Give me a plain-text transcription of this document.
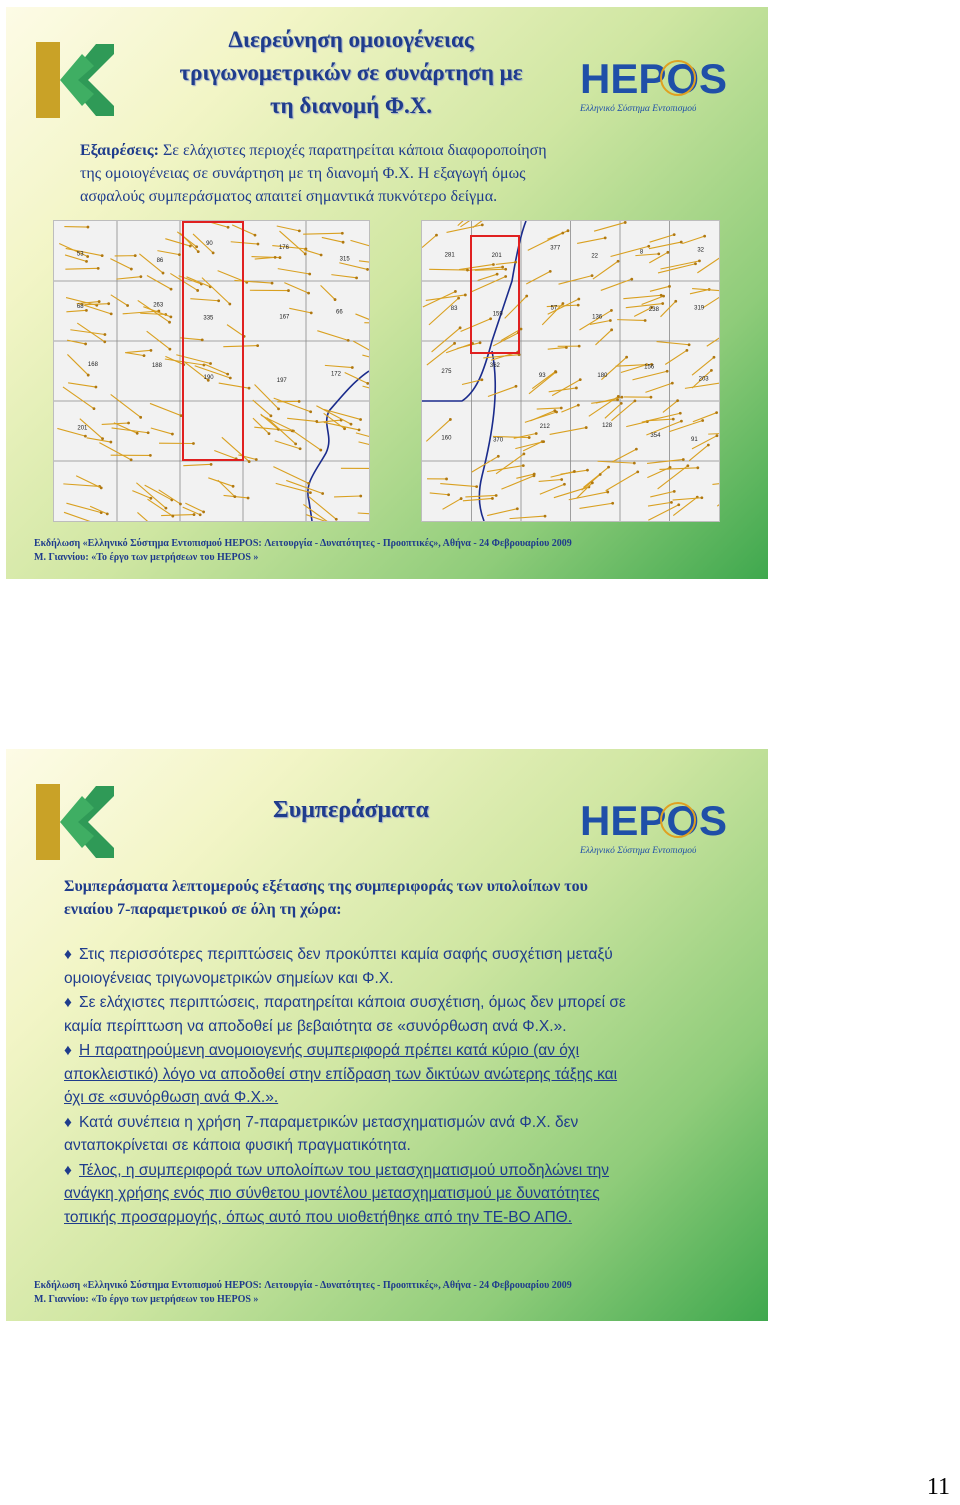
Διερεύνηση ομοιογένειας
τριγωνομετρικών σε συνάρτηση με
τη διανομή Φ.Χ.
HEPOS
Ελληνικό Σύστημα Εντοπισμού
Εξαιρέσεις: Σε ελάχιστες περιοχές παρατηρείται κάποια διαφοροποίηση
της ομοιογένειας σε συνάρτηση με τη διανομή Φ.Χ. Η εξαγωγή όμως
ασφαλούς συμπεράσματος απαιτεί σημαντικά πυκνότερο δείγμα.
53
86
90
176
315
68	263
335	167
66
168	188
190
197
172
201
281	201
377
22
8	32
83
159
57
136
238	319
275
362
93	180
156
203
160	370
212	128
354
91
Εκδήλωση «Ελληνικό Σύστημα Εντοπισμού HEPOS: Λειτουργία - Δυνατότητες - Προοπτικές», Αθήνα - 24 Φεβρουαρίου 2009
Μ. Γιαννίου: «Το έργο των μετρήσεων του HEPOS »
Συμπεράσματα	HEPOS
Ελληνικό Σύστημα Εντοπισμού
Συμπεράσματα λεπτομερούς εξέτασης της συμπεριφοράς των υπολοίπων του
ενιαίου 7-παραμετρικού σε όλη τη χώρα:
♦ Στις περισσότερες περιπτώσεις δεν προκύπτει καμία σαφής συσχέτιση μεταξύ
ομοιογένειας τριγωνομετρικών σημείων και Φ.Χ.
♦ Σε ελάχιστες περιπτώσεις, παρατηρείται κάποια συσχέτιση, όμως δεν μπορεί σε
καμία περίπτωση να αποδοθεί με βεβαιότητα σε «συνόρθωση ανά Φ.Χ.».
♦ Η παρατηρούμενη ανομοιογενής συμπεριφορά πρέπει κατά κύριο (αν όχι
αποκλειστικό) λόγο να αποδοθεί στην επίδραση των δικτύων ανώτερης τάξης και
όχι σε «συνόρθωση ανά Φ.Χ.».
♦ Κατά συνέπεια η χρήση 7-παραμετρικών μετασχηματισμών ανά Φ.Χ. δεν
ανταποκρίνεται σε κάποια φυσική πραγματικότητα.
♦ Τέλος, η συμπεριφορά των υπολοίπων του μετασχηματισμού υποδηλώνει την
ανάγκη χρήσης ενός πιο σύνθετου μοντέλου μετασχηματισμού με δυνατότητες
τοπικής προσαρμογής, όπως αυτό που υιοθετήθηκε από την ΤΕ-ΒΟ ΑΠΘ.
Εκδήλωση «Ελληνικό Σύστημα Εντοπισμού HEPOS: Λειτουργία - Δυνατότητες - Προοπτικές», Αθήνα - 24 Φεβρουαρίου 2009
Μ. Γιαννίου: «Το έργο των μετρήσεων του HEPOS »
11
